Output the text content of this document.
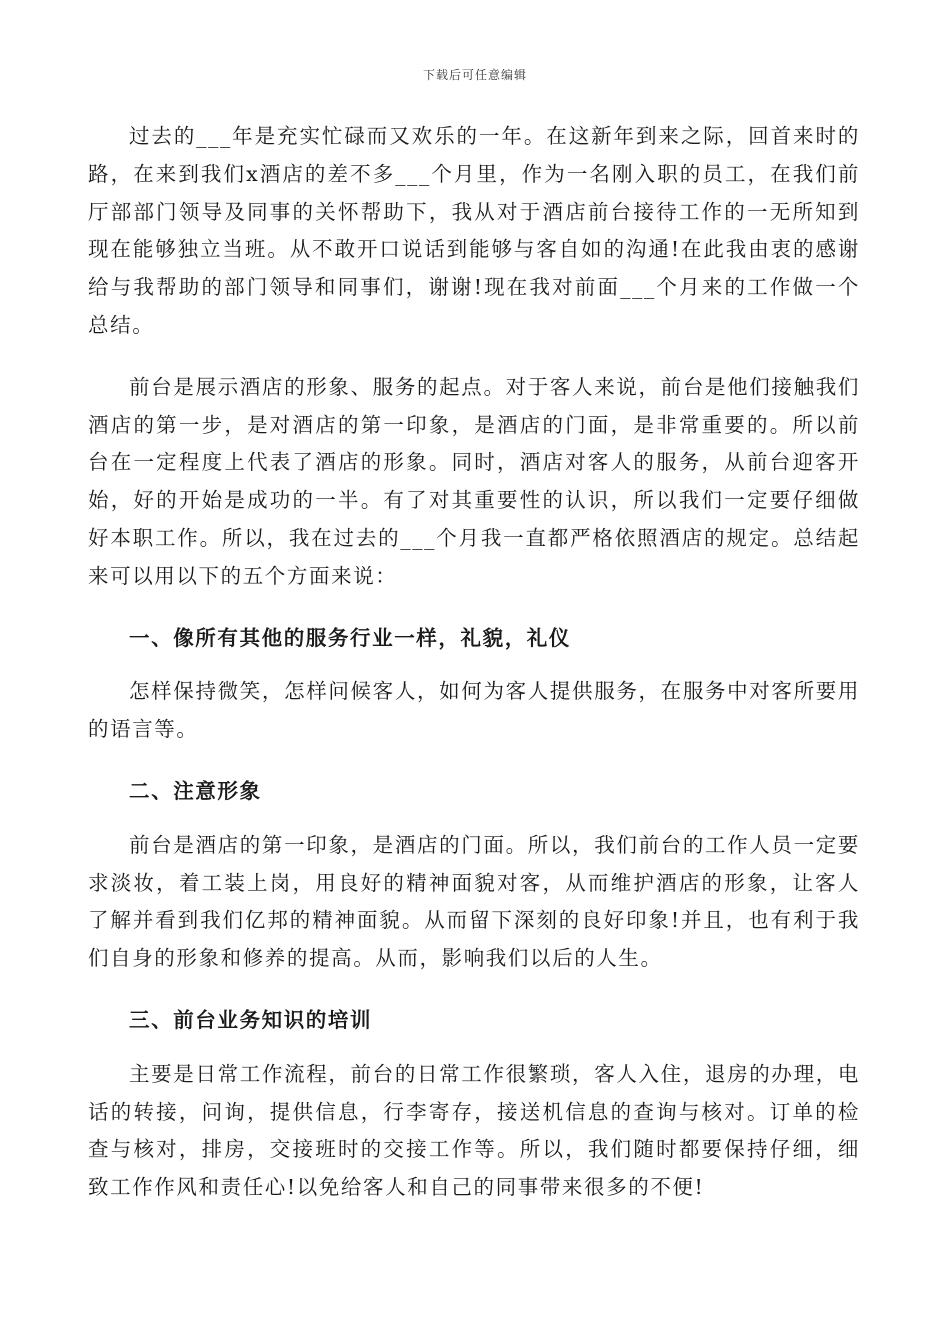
下载后可任意编辑

过去的___年是充实忙碌而又欢乐的一年。在这新年到来之际，回首来时的路，在来到我们x酒店的差不多___个月里，作为一名刚入职的员工，在我们前厅部部门领导及同事的关怀帮助下，我从对于酒店前台接待工作的一无所知到现在能够独立当班。从不敢开口说话到能够与客自如的沟通!在此我由衷的感谢给与我帮助的部门领导和同事们，谢谢!现在我对前面___个月来的工作做一个总结。

前台是展示酒店的形象、服务的起点。对于客人来说，前台是他们接触我们酒店的第一步，是对酒店的第一印象，是酒店的门面，是非常重要的。所以前台在一定程度上代表了酒店的形象。同时，酒店对客人的服务，从前台迎客开始，好的开始是成功的一半。有了对其重要性的认识，所以我们一定要仔细做好本职工作。所以，我在过去的___个月我一直都严格依照酒店的规定。总结起来可以用以下的五个方面来说：

一、像所有其他的服务行业一样，礼貌，礼仪

怎样保持微笑，怎样问候客人，如何为客人提供服务，在服务中对客所要用的语言等。

二、注意形象

前台是酒店的第一印象，是酒店的门面。所以，我们前台的工作人员一定要求淡妆，着工装上岗，用良好的精神面貌对客，从而维护酒店的形象，让客人了解并看到我们亿邦的精神面貌。从而留下深刻的良好印象!并且，也有利于我们自身的形象和修养的提高。从而，影响我们以后的人生。

三、前台业务知识的培训

主要是日常工作流程，前台的日常工作很繁琐，客人入住，退房的办理，电话的转接，问询，提供信息，行李寄存，接送机信息的查询与核对。订单的检查与核对，排房，交接班时的交接工作等。所以，我们随时都要保持仔细，细致工作作风和责任心!以免给客人和自己的同事带来很多的不便!
